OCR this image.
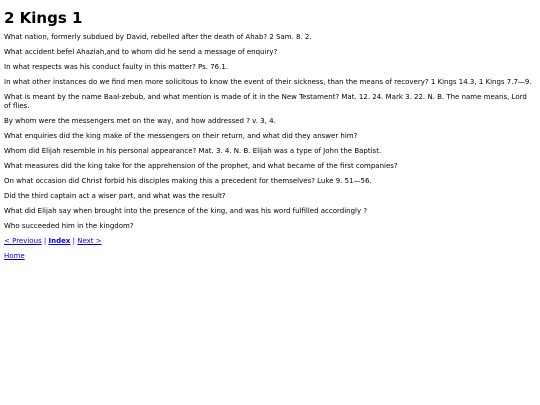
2 Kings 1

What nation, formerly subdued by David, rebelled after the death of Ahab? 2 Sam. 8. 2.

What accident befel Ahaziah,and to whom did he send a message of enquiry?

In what respects was his conduct faulty in this matter? Ps. 76.1.

In what other instances do we find men more solicitous to know the event of their sickness, than the means of recovery? 1 Kings 14.3, 1 Kings 7.7—9.

What is meant by the name Baal-zebub, and what mention is made of it in the New Testament? Mat. 12. 24. Mark 3. 22. N. B. The name means, Lord of flies.

By whom were the messengers met on the way, and how addressed ? v. 3, 4.

What enquiries did the king make of the messengers on their return, and what did they answer him?

Whom did Elijah resemble in his personal appearance? Mat. 3. 4. N. B. Elijah was a type of John the Baptist.

What measures did the king take for the apprehension of the prophet, and what became of the first companies?

On what occasion did Christ forbid his disciples making this a precedent for themselves? Luke 9. 51—56.

Did the third captain act a wiser part, and what was the result?

What did Elijah say when brought into the presence of the king, and was his word fulfilled accordingly ?

Who succeeded him in the kingdom?

< Previous | Index | Next >

Home
